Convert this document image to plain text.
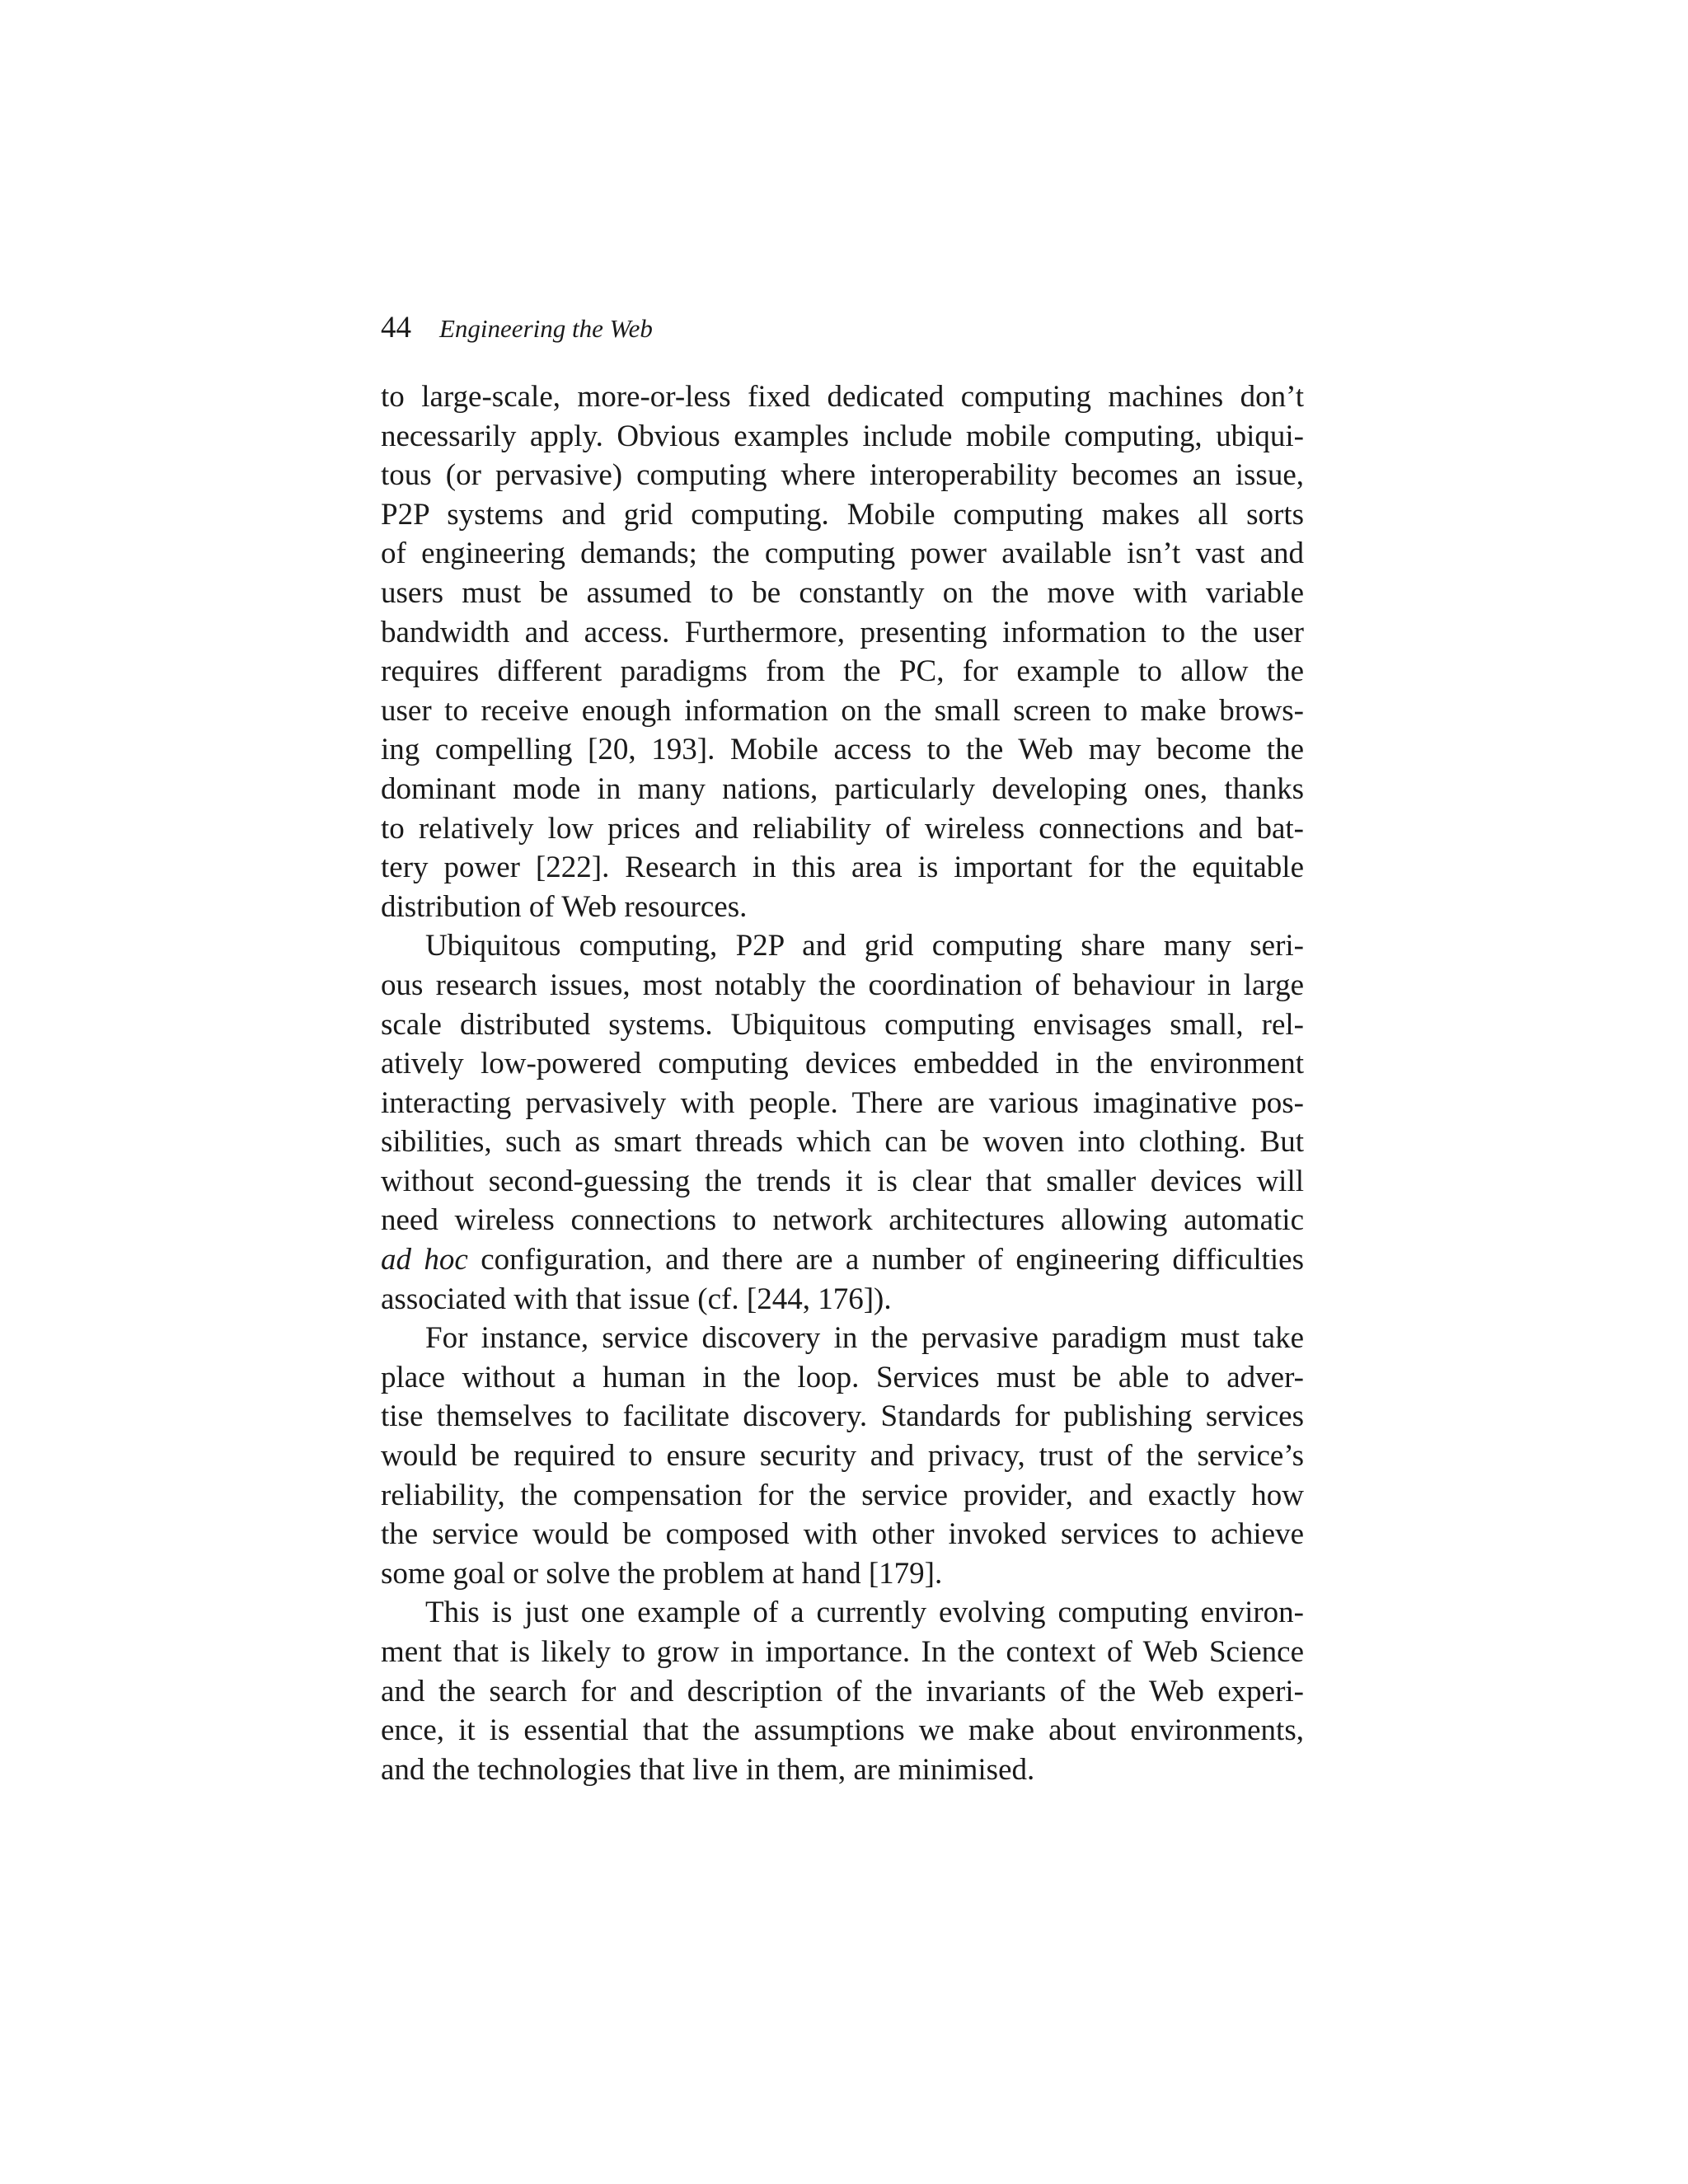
44 Engineering the Web
to large-scale, more-or-less fixed dedicated computing machines don’t
necessarily apply. Obvious examples include mobile computing, ubiqui-
tous (or pervasive) computing where interoperability becomes an issue,
P2P systems and grid computing. Mobile computing makes all sorts
of engineering demands; the computing power available isn’t vast and
users must be assumed to be constantly on the move with variable
bandwidth and access. Furthermore, presenting information to the user
requires different paradigms from the PC, for example to allow the
user to receive enough information on the small screen to make brows-
ing compelling [20, 193]. Mobile access to the Web may become the
dominant mode in many nations, particularly developing ones, thanks
to relatively low prices and reliability of wireless connections and bat-
tery power [222]. Research in this area is important for the equitable
distribution of Web resources.
Ubiquitous computing, P2P and grid computing share many seri-
ous research issues, most notably the coordination of behaviour in large
scale distributed systems. Ubiquitous computing envisages small, rel-
atively low-powered computing devices embedded in the environment
interacting pervasively with people. There are various imaginative pos-
sibilities, such as smart threads which can be woven into clothing. But
without second-guessing the trends it is clear that smaller devices will
need wireless connections to network architectures allowing automatic
ad hoc configuration, and there are a number of engineering difficulties
associated with that issue (cf. [244, 176]).
For instance, service discovery in the pervasive paradigm must take
place without a human in the loop. Services must be able to adver-
tise themselves to facilitate discovery. Standards for publishing services
would be required to ensure security and privacy, trust of the service’s
reliability, the compensation for the service provider, and exactly how
the service would be composed with other invoked services to achieve
some goal or solve the problem at hand [179].
This is just one example of a currently evolving computing environ-
ment that is likely to grow in importance. In the context of Web Science
and the search for and description of the invariants of the Web experi-
ence, it is essential that the assumptions we make about environments,
and the technologies that live in them, are minimised.
